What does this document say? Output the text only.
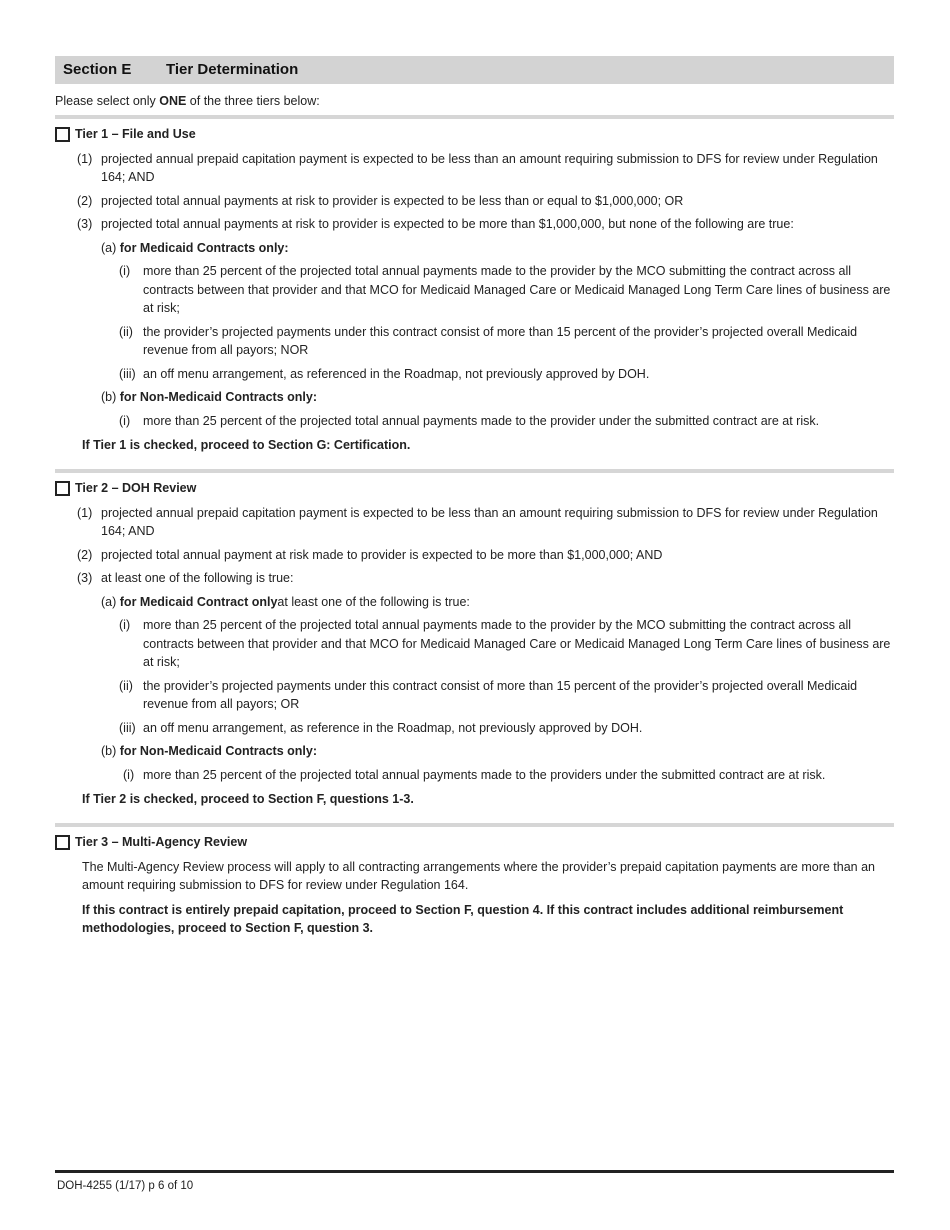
Section E	Tier Determination
Please select only ONE of the three tiers below:
Tier 1 – File and Use
(1) projected annual prepaid capitation payment is expected to be less than an amount requiring submission to DFS for review under Regulation 164; AND
(2) projected total annual payments at risk to provider is expected to be less than or equal to $1,000,000; OR
(3) projected total annual payments at risk to provider is expected to be more than $1,000,000, but none of the following are true:
(a)
for Medicaid Contracts only:
(i)	more than 25 percent of the projected total annual payments made to the provider by the MCO submitting the contract across all contracts between that provider and that MCO for Medicaid Managed Care or Medicaid Managed Long Term Care lines of business are at risk;
(ii) the provider’s projected payments under this contract consist of more than 15 percent of the provider’s projected overall Medicaid revenue from all payors; NOR
(iii) an off menu arrangement, as referenced in the Roadmap, not previously approved by DOH.
(b)
for Non-Medicaid Contracts only:
(i)	more than 25 percent of the projected total annual payments made to the provider under the submitted contract are at risk.
If Tier 1 is checked, proceed to Section G: Certification.
Tier 2 – DOH Review
(1) projected annual prepaid capitation payment is expected to be less than an amount requiring submission to DFS for review under Regulation 164; AND
(2) projected total annual payment at risk made to provider is expected to be more than $1,000,000; AND
(3) at least one of the following is true:
(a)
for Medicaid Contract only at least one of the following is true:
(i)	more than 25 percent of the projected total annual payments made to the provider by the MCO submitting the contract across all contracts between that provider and that MCO for Medicaid Managed Care or Medicaid Managed Long Term Care lines of business are at risk;
(ii) the provider’s projected payments under this contract consist of more than 15 percent of the provider’s projected overall Medicaid revenue from all payors; OR
(iii) an off menu arrangement, as reference in the Roadmap, not previously approved by DOH.
(b)
for Non-Medicaid Contracts only:
(i) more than 25 percent of the projected total annual payments made to the providers under the submitted contract are at risk.
If Tier 2 is checked, proceed to Section F, questions 1-3.
Tier 3 – Multi-Agency Review
The Multi-Agency Review process will apply to all contracting arrangements where the provider’s prepaid capitation payments are more than an amount requiring submission to DFS for review under Regulation 164.
If this contract is entirely prepaid capitation, proceed to Section F, question 4. If this contract includes additional reimbursement methodologies, proceed to Section F, question 3.
DOH-4255 (1/17) p 6 of 10
